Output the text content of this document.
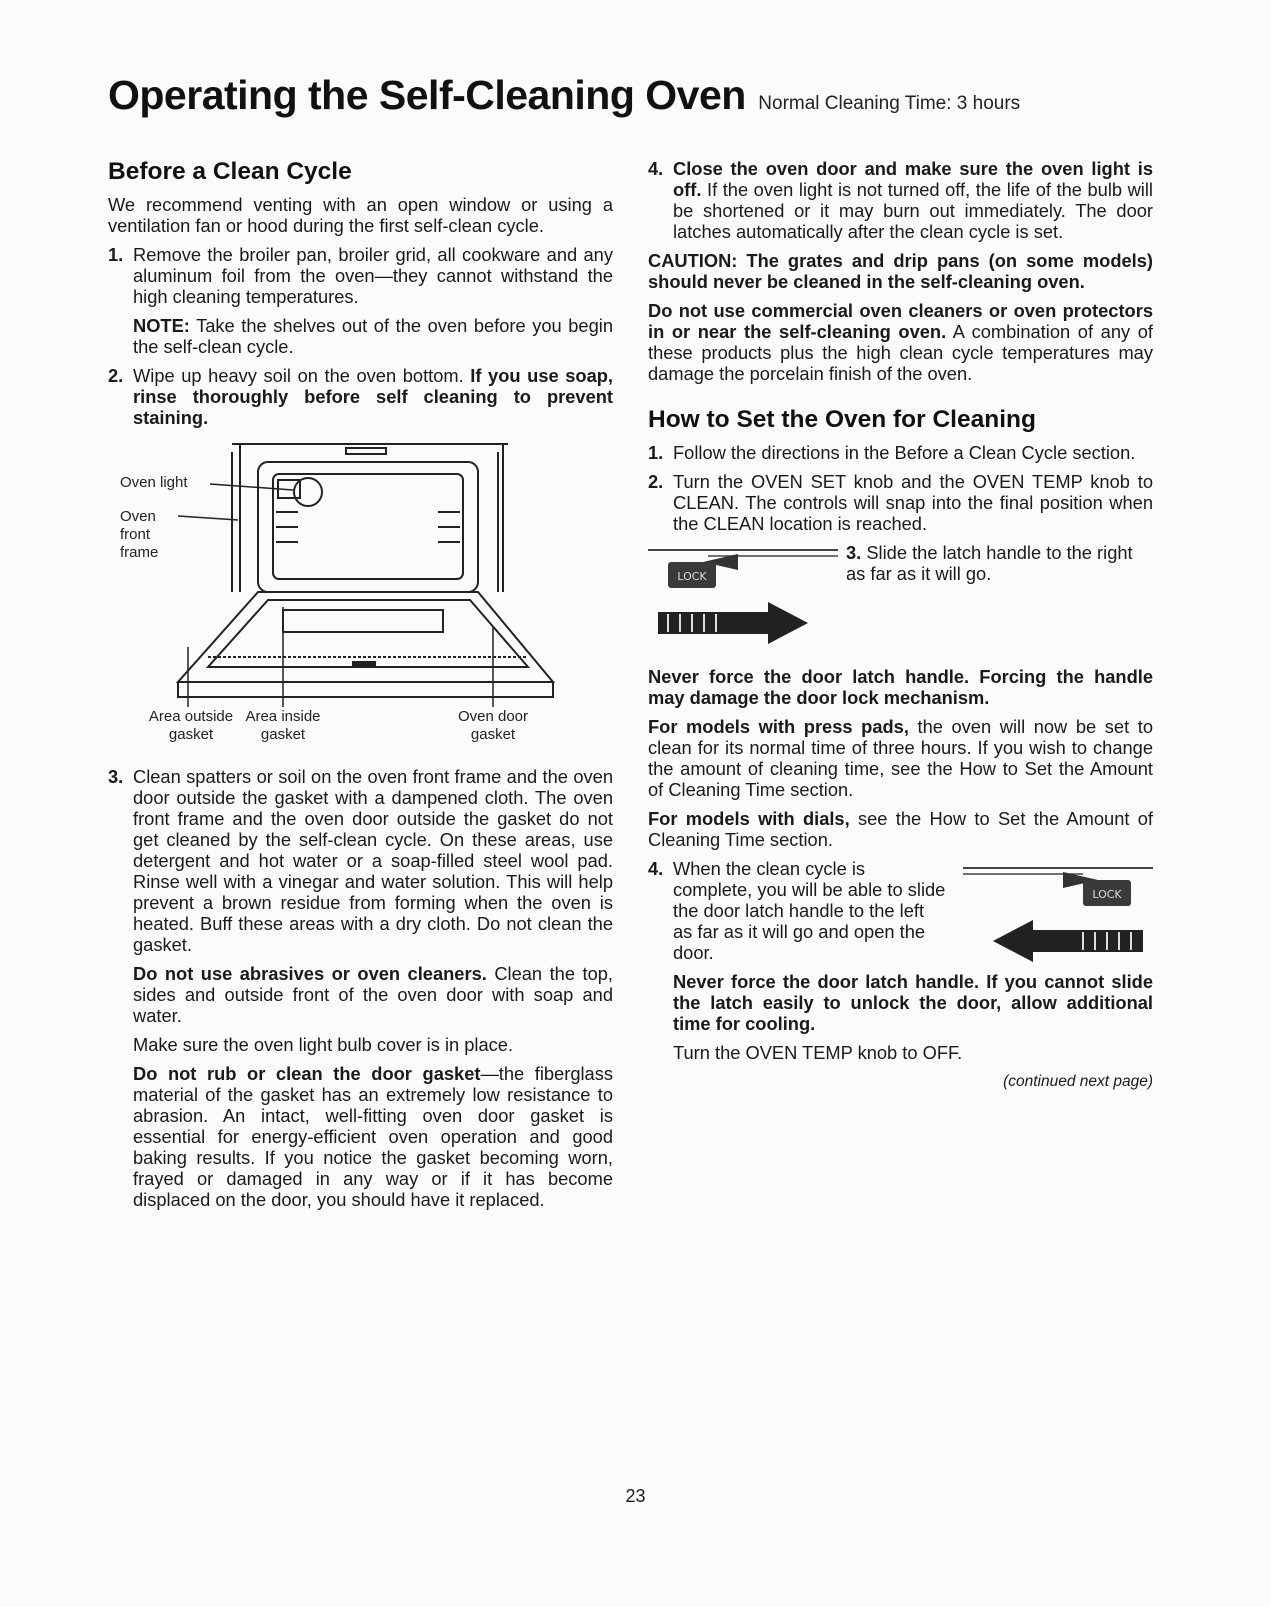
Operating the Self-Cleaning Oven Normal Cleaning Time: 3 hours
Before a Clean Cycle

We recommend venting with an open window or using a ventilation fan or hood during the first self-clean cycle.

1. Remove the broiler pan, broiler grid, all cookware and any aluminum foil from the oven—they cannot withstand the high cleaning temperatures.
NOTE: Take the shelves out of the oven before you begin the self-clean cycle.
2. Wipe up heavy soil on the oven bottom. If you use soap, rinse thoroughly before self cleaning to prevent staining.
Oven light
Oven front frame
Area outside gasket
Area inside gasket
Oven door gasket
3. Clean spatters or soil on the oven front frame and the oven door outside the gasket with a dampened cloth. The oven front frame and the oven door outside the gasket do not get cleaned by the self-clean cycle. On these areas, use detergent and hot water or a soap-filled steel wool pad. Rinse well with a vinegar and water solution. This will help prevent a brown residue from forming when the oven is heated. Buff these areas with a dry cloth. Do not clean the gasket.
Do not use abrasives or oven cleaners. Clean the top, sides and outside front of the oven door with soap and water.
Make sure the oven light bulb cover is in place.
Do not rub or clean the door gasket—the fiberglass material of the gasket has an extremely low resistance to abrasion. An intact, well-fitting oven door gasket is essential for energy-efficient oven operation and good baking results. If you notice the gasket becoming worn, frayed or damaged in any way or if it has become displaced on the door, you should have it replaced.
4. Close the oven door and make sure the oven light is off. If the oven light is not turned off, the life of the bulb will be shortened or it may burn out immediately. The door latches automatically after the clean cycle is set.

CAUTION: The grates and drip pans (on some models) should never be cleaned in the self-cleaning oven.

Do not use commercial oven cleaners or oven protectors in or near the self-cleaning oven. A combination of any of these products plus the high clean cycle temperatures may damage the porcelain finish of the oven.

How to Set the Oven for Cleaning
1. Follow the directions in the Before a Clean Cycle section.
2. Turn the OVEN SET knob and the OVEN TEMP knob to CLEAN. The controls will snap into the final position when the CLEAN location is reached.
LOCK
3. Slide the latch handle to the right as far as it will go.

Never force the door latch handle. Forcing the handle may damage the door lock mechanism.

For models with press pads, the oven will now be set to clean for its normal time of three hours. If you wish to change the amount of cleaning time, see the How to Set the Amount of Cleaning Time section.

For models with dials, see the How to Set the Amount of Cleaning Time section.

LOCK
4. When the clean cycle is complete, you will be able to slide the door latch handle to the left as far as it will go and open the door.
Never force the door latch handle. If you cannot slide the latch easily to unlock the door, allow additional time for cooling.
Turn the OVEN TEMP knob to OFF.
(continued next page)
23
